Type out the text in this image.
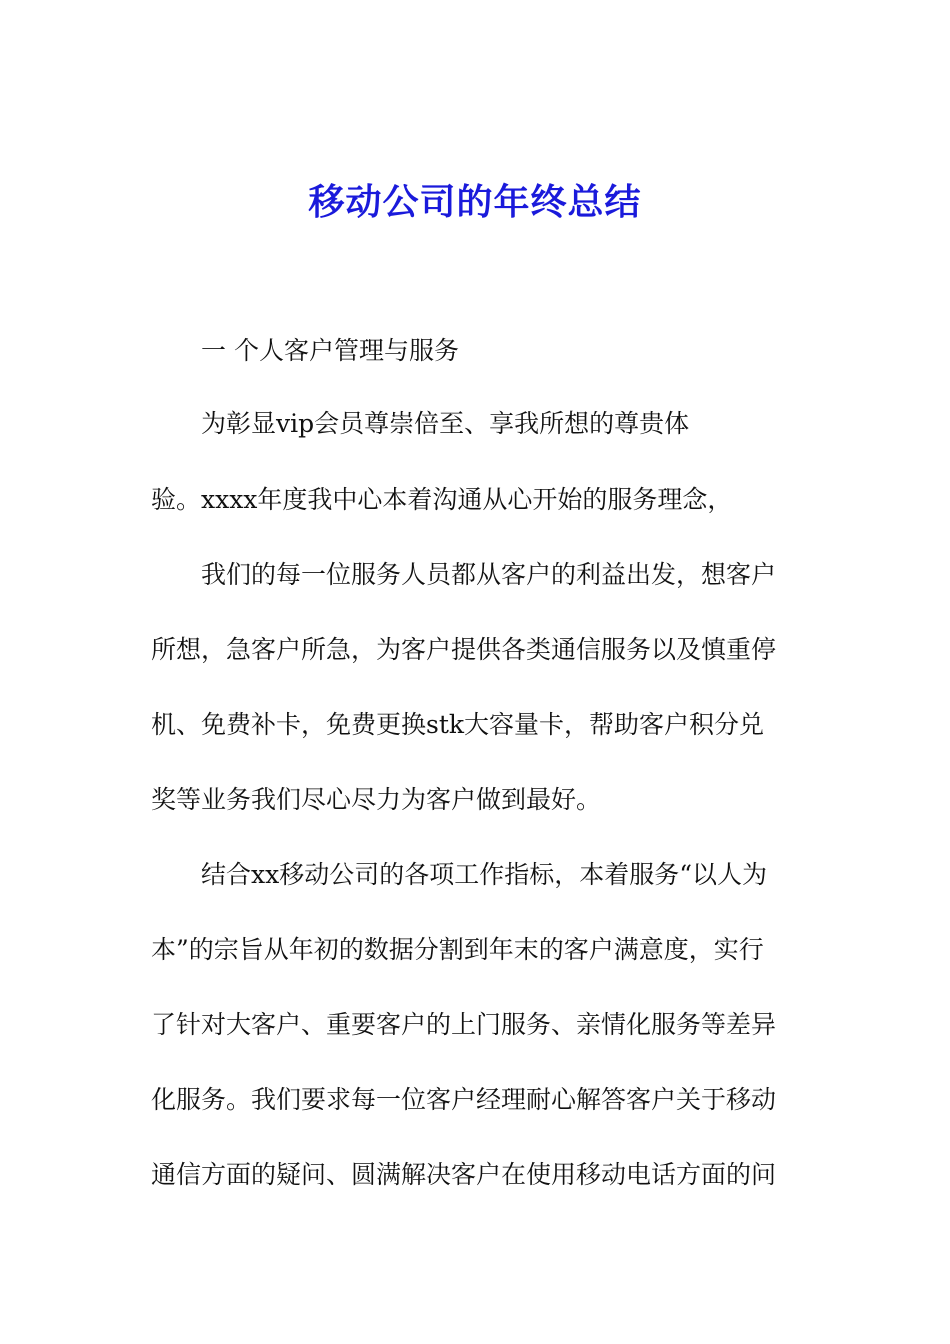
移动公司的年终总结
一 个人客户管理与服务
为彰显vip会员尊崇倍至、享我所想的尊贵体
验。xxxx年度我中心本着沟通从心开始的服务理念，
我们的每一位服务人员都从客户的利益出发，想客户
所想，急客户所急，为客户提供各类通信服务以及慎重停
机、免费补卡，免费更换stk大容量卡，帮助客户积分兑
奖等业务我们尽心尽力为客户做到最好。
结合xx移动公司的各项工作指标，本着服务“以人为
本”的宗旨从年初的数据分割到年末的客户满意度，实行
了针对大客户、重要客户的上门服务、亲情化服务等差异
化服务。我们要求每一位客户经理耐心解答客户关于移动
通信方面的疑问、圆满解决客户在使用移动电话方面的问
